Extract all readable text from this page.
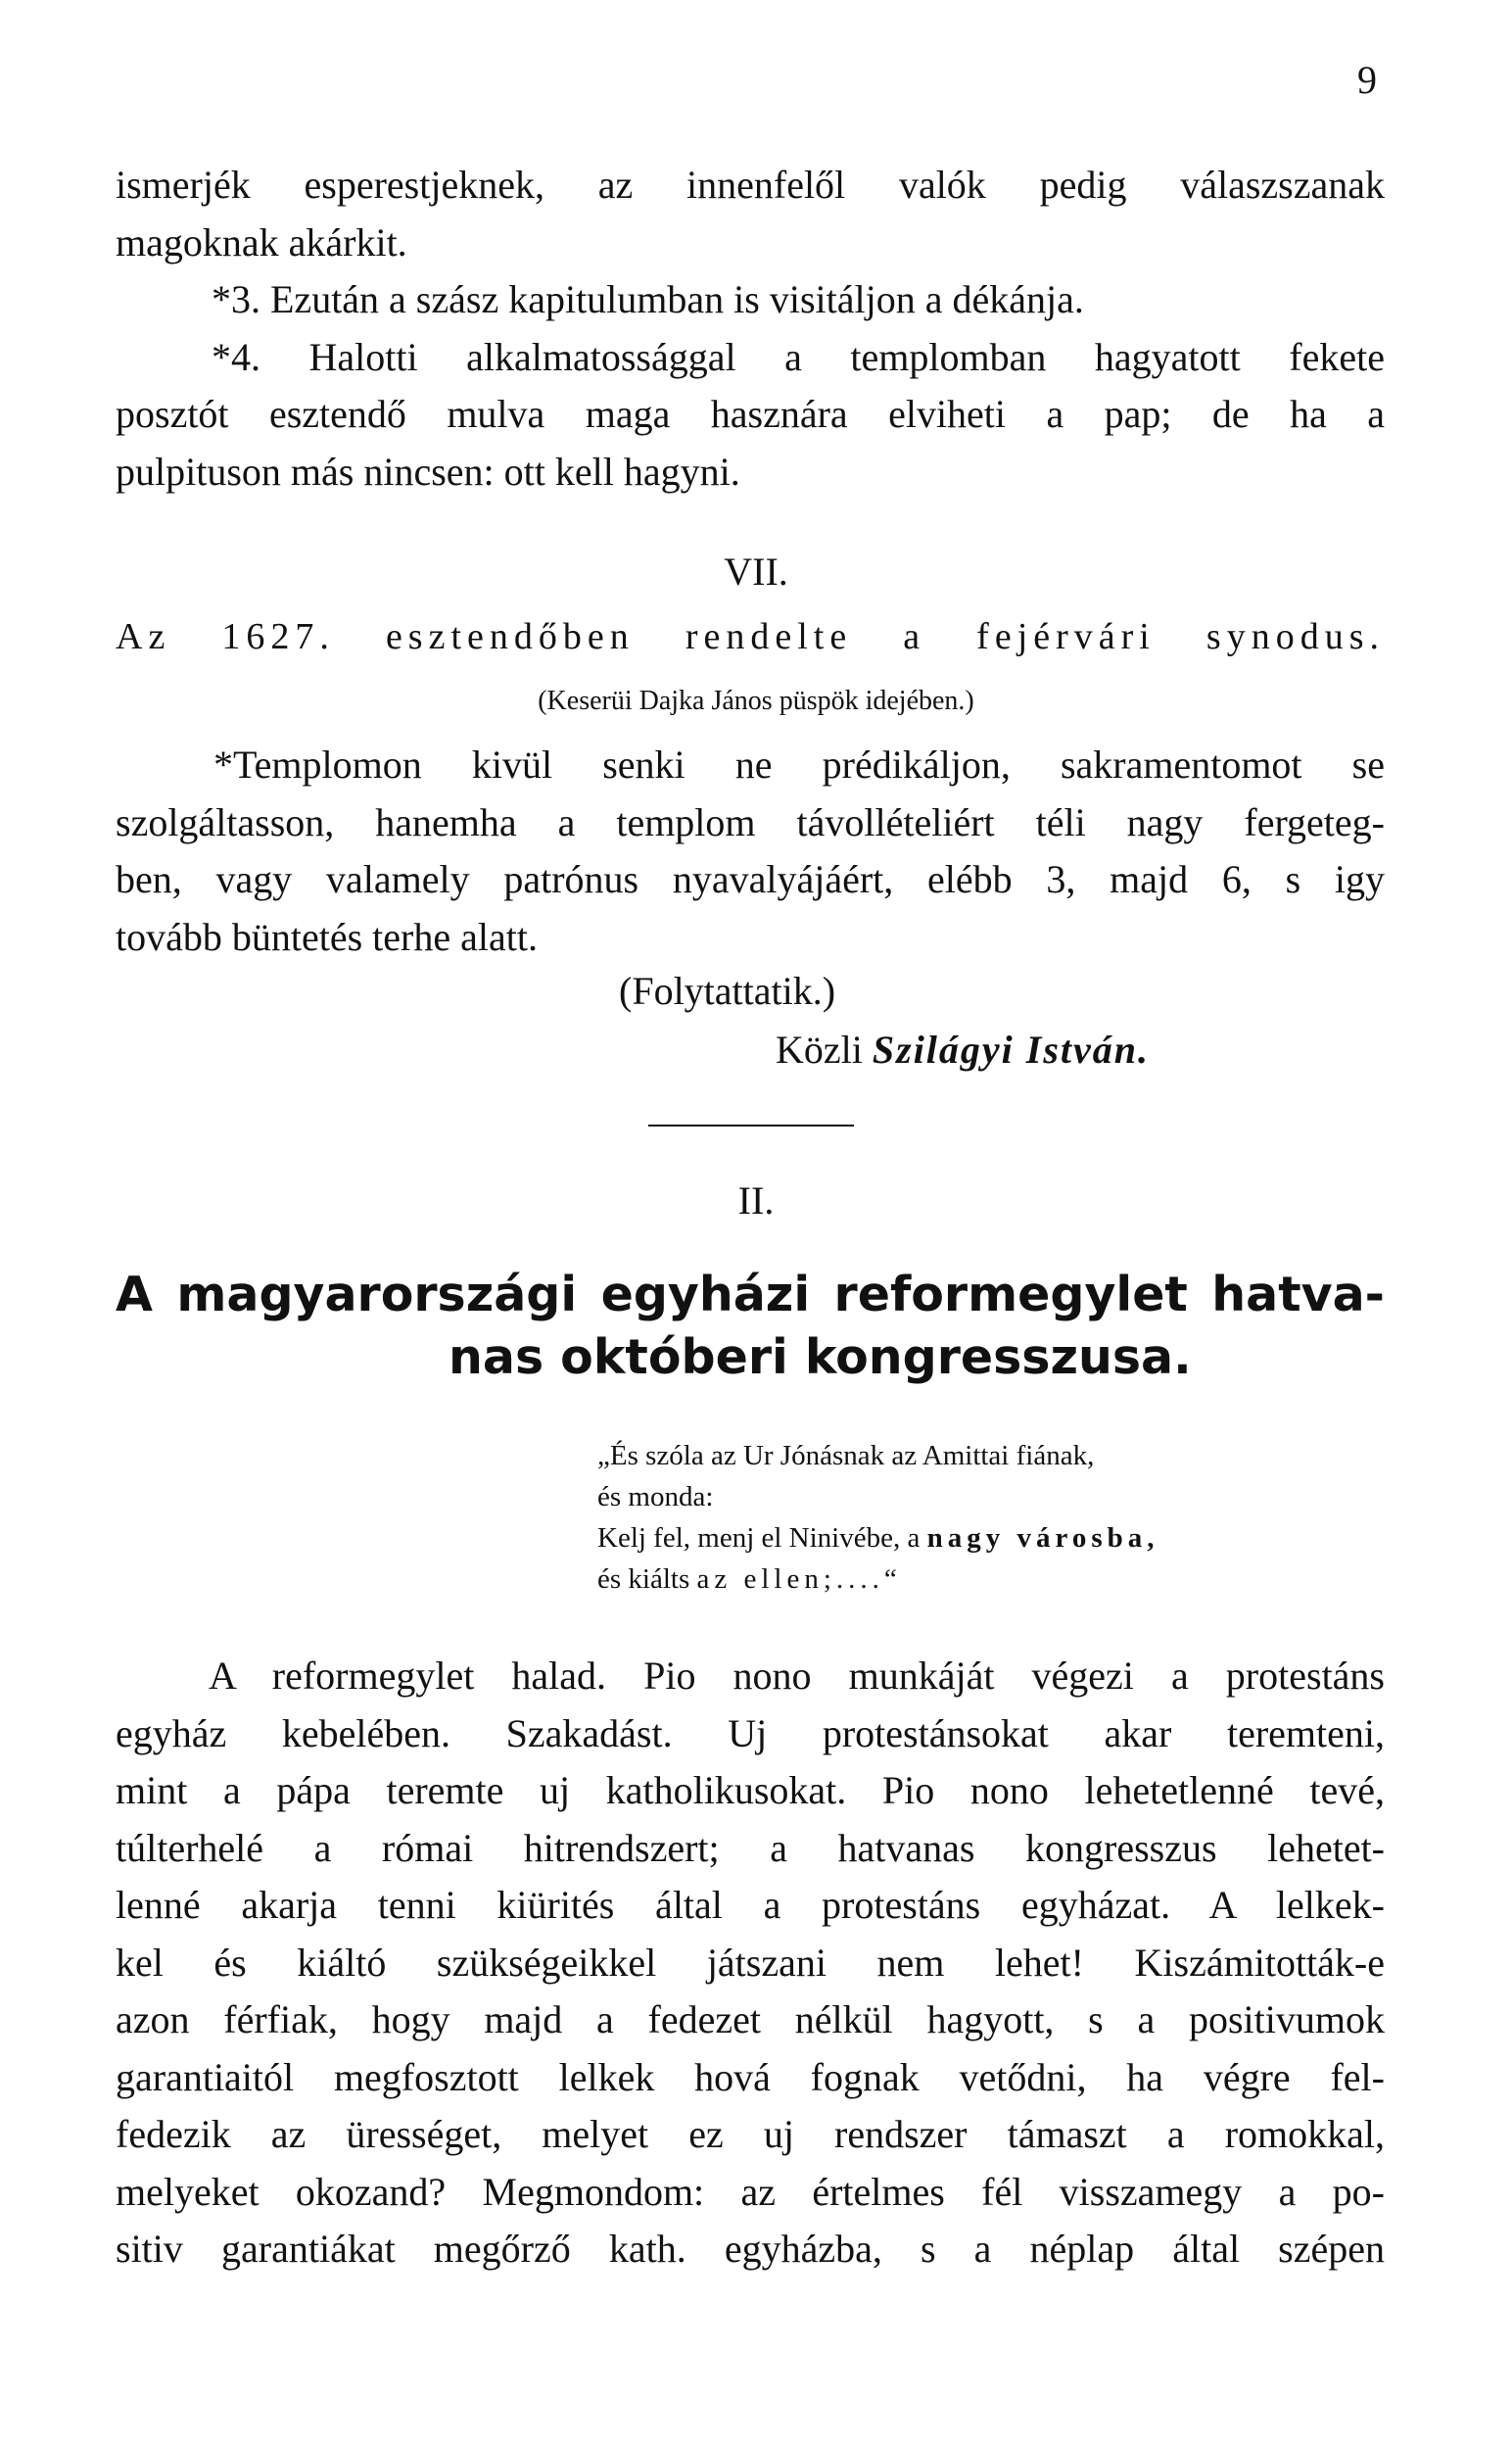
9
ismerjék esperestjeknek, az innenfelől valók pedig válaszszanak
magoknak akárkit.
*3. Ezután a szász kapitulumban is visitáljon a dékánja.
*4. Halotti alkalmatossággal a templomban hagyatott fekete
posztót esztendő mulva maga hasznára elviheti a pap; de ha a
pulpituson más nincsen: ott kell hagyni.
VII.
Az 1627. esztendőben rendelte a fejérvári synodus.
(Keserüi Dajka János püspök idejében.)
*Templomon kivül senki ne prédikáljon, sakramentomot se
szolgáltasson, hanemha a templom távollételiért téli nagy fergeteg-
ben, vagy valamely patrónus nyavalyájáért, elébb 3, majd 6, s igy
tovább büntetés terhe alatt.
(Folytattatik.)
Közli Szilágyi István.
II.
A magyarországi egyházi reformegylet hatva-
nas októberi kongresszusa.
„És szóla az Ur Jónásnak az Amittai fiának,
és monda:
Kelj fel, menj el Ninivébe, a nagy városba,
és kiálts az ellen;....“
A reformegylet halad. Pio nono munkáját végezi a protestáns
egyház kebelében. Szakadást. Uj protestánsokat akar teremteni,
mint a pápa teremte uj katholikusokat. Pio nono lehetetlenné tevé,
túlterhelé a római hitrendszert; a hatvanas kongresszus lehetet-
lenné akarja tenni kiürités által a protestáns egyházat. A lelkek-
kel és kiáltó szükségeikkel játszani nem lehet! Kiszámitották-e
azon férfiak, hogy majd a fedezet nélkül hagyott, s a positivumok
garantiaitól megfosztott lelkek hová fognak vetődni, ha végre fel-
fedezik az ürességet, melyet ez uj rendszer támaszt a romokkal,
melyeket okozand? Megmondom: az értelmes fél visszamegy a po-
sitiv garantiákat megőrző kath. egyházba, s a néplap által szépen
